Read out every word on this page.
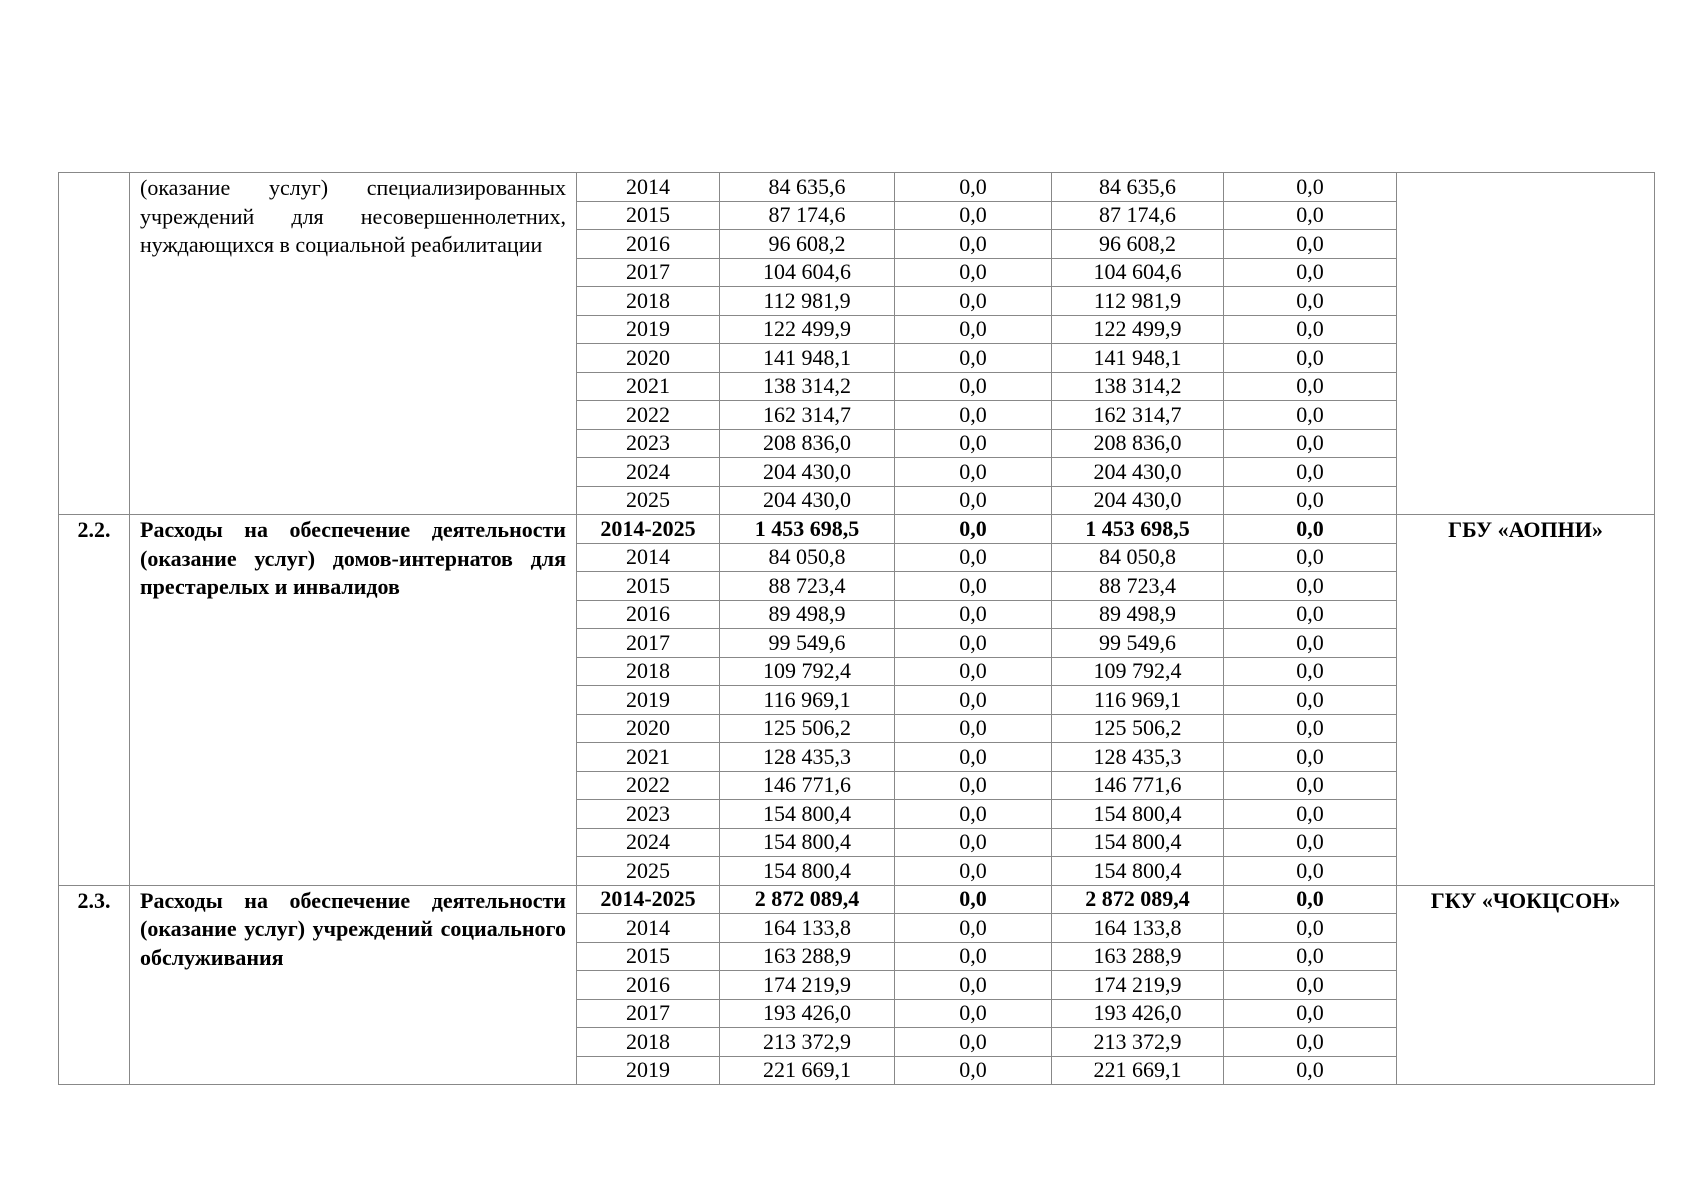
	(оказание услуг) специализированных учреждений для несовершеннолетних, нуждающихся в социальной реабилитации	2014	84 635,6	0,0	84 635,6	0,0	
		2015	87 174,6	0,0	87 174,6	0,0	
		2016	96 608,2	0,0	96 608,2	0,0	
		2017	104 604,6	0,0	104 604,6	0,0	
		2018	112 981,9	0,0	112 981,9	0,0	
		2019	122 499,9	0,0	122 499,9	0,0	
		2020	141 948,1	0,0	141 948,1	0,0	
		2021	138 314,2	0,0	138 314,2	0,0	
		2022	162 314,7	0,0	162 314,7	0,0	
		2023	208 836,0	0,0	208 836,0	0,0	
		2024	204 430,0	0,0	204 430,0	0,0	
		2025	204 430,0	0,0	204 430,0	0,0	
2.2.	Расходы на обеспечение деятельности (оказание услуг) домов-интернатов для престарелых и инвалидов	2014-2025	1 453 698,5	0,0	1 453 698,5	0,0	ГБУ «АОПНИ»
		2014	84 050,8	0,0	84 050,8	0,0	
		2015	88 723,4	0,0	88 723,4	0,0	
		2016	89 498,9	0,0	89 498,9	0,0	
		2017	99 549,6	0,0	99 549,6	0,0	
		2018	109 792,4	0,0	109 792,4	0,0	
		2019	116 969,1	0,0	116 969,1	0,0	
		2020	125 506,2	0,0	125 506,2	0,0	
		2021	128 435,3	0,0	128 435,3	0,0	
		2022	146 771,6	0,0	146 771,6	0,0	
		2023	154 800,4	0,0	154 800,4	0,0	
		2024	154 800,4	0,0	154 800,4	0,0	
		2025	154 800,4	0,0	154 800,4	0,0	
2.3.	Расходы на обеспечение деятельности (оказание услуг) учреждений социального обслуживания	2014-2025	2 872 089,4	0,0	2 872 089,4	0,0	ГКУ «ЧОКЦСОН»
		2014	164 133,8	0,0	164 133,8	0,0	
		2015	163 288,9	0,0	163 288,9	0,0	
		2016	174 219,9	0,0	174 219,9	0,0	
		2017	193 426,0	0,0	193 426,0	0,0	
		2018	213 372,9	0,0	213 372,9	0,0	
		2019	221 669,1	0,0	221 669,1	0,0	
